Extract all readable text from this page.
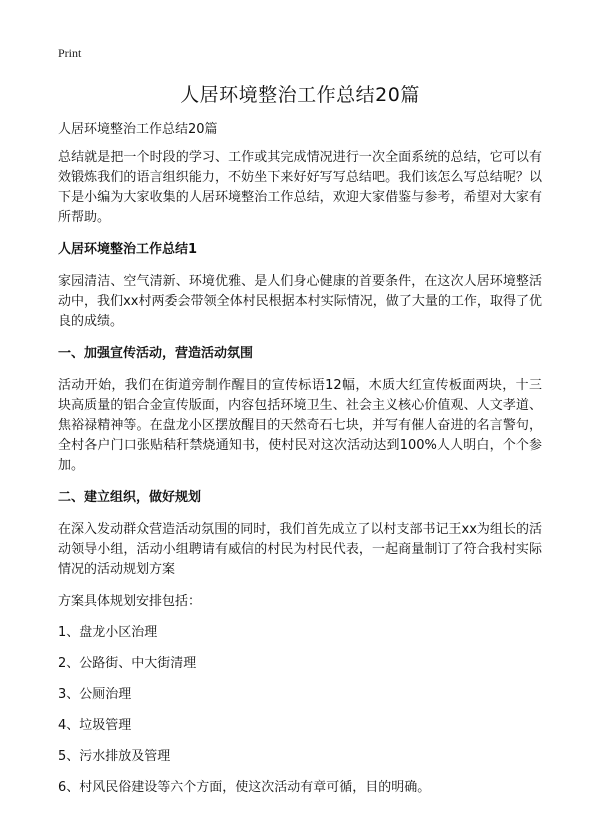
Print
人居环境整治工作总结20篇

人居环境整治工作总结20篇

总结就是把一个时段的学习、工作或其完成情况进行一次全面系统的总结，它可以有效锻炼我们的语言组织能力，不妨坐下来好好写写总结吧。我们该怎么写总结呢？以下是小编为大家收集的人居环境整治工作总结，欢迎大家借鉴与参考，希望对大家有所帮助。

人居环境整治工作总结1

家园清洁、空气清新、环境优雅、是人们身心健康的首要条件，在这次人居环境整活动中，我们xx村两委会带领全体村民根据本村实际情况，做了大量的工作，取得了优良的成绩。

一、加强宣传活动，营造活动氛围

活动开始，我们在街道旁制作醒目的宣传标语12幅，木质大红宣传板面两块，十三块高质量的铝合金宣传版面，内容包括环境卫生、社会主义核心价值观、人文孝道、焦裕禄精神等。在盘龙小区摆放醒目的天然奇石七块，并写有催人奋进的名言警句，全村各户门口张贴秸秆禁烧通知书，使村民对这次活动达到100%人人明白，个个参加。

二、建立组织，做好规划

在深入发动群众营造活动氛围的同时，我们首先成立了以村支部书记王xx为组长的活动领导小组，活动小组聘请有威信的村民为村民代表，一起商量制订了符合我村实际情况的活动规划方案

方案具体规划安排包括：

1、盘龙小区治理

2、公路街、中大街清理

3、公厕治理

4、垃圾管理

5、污水排放及管理

6、村风民俗建设等六个方面，使这次活动有章可循，目的明确。
